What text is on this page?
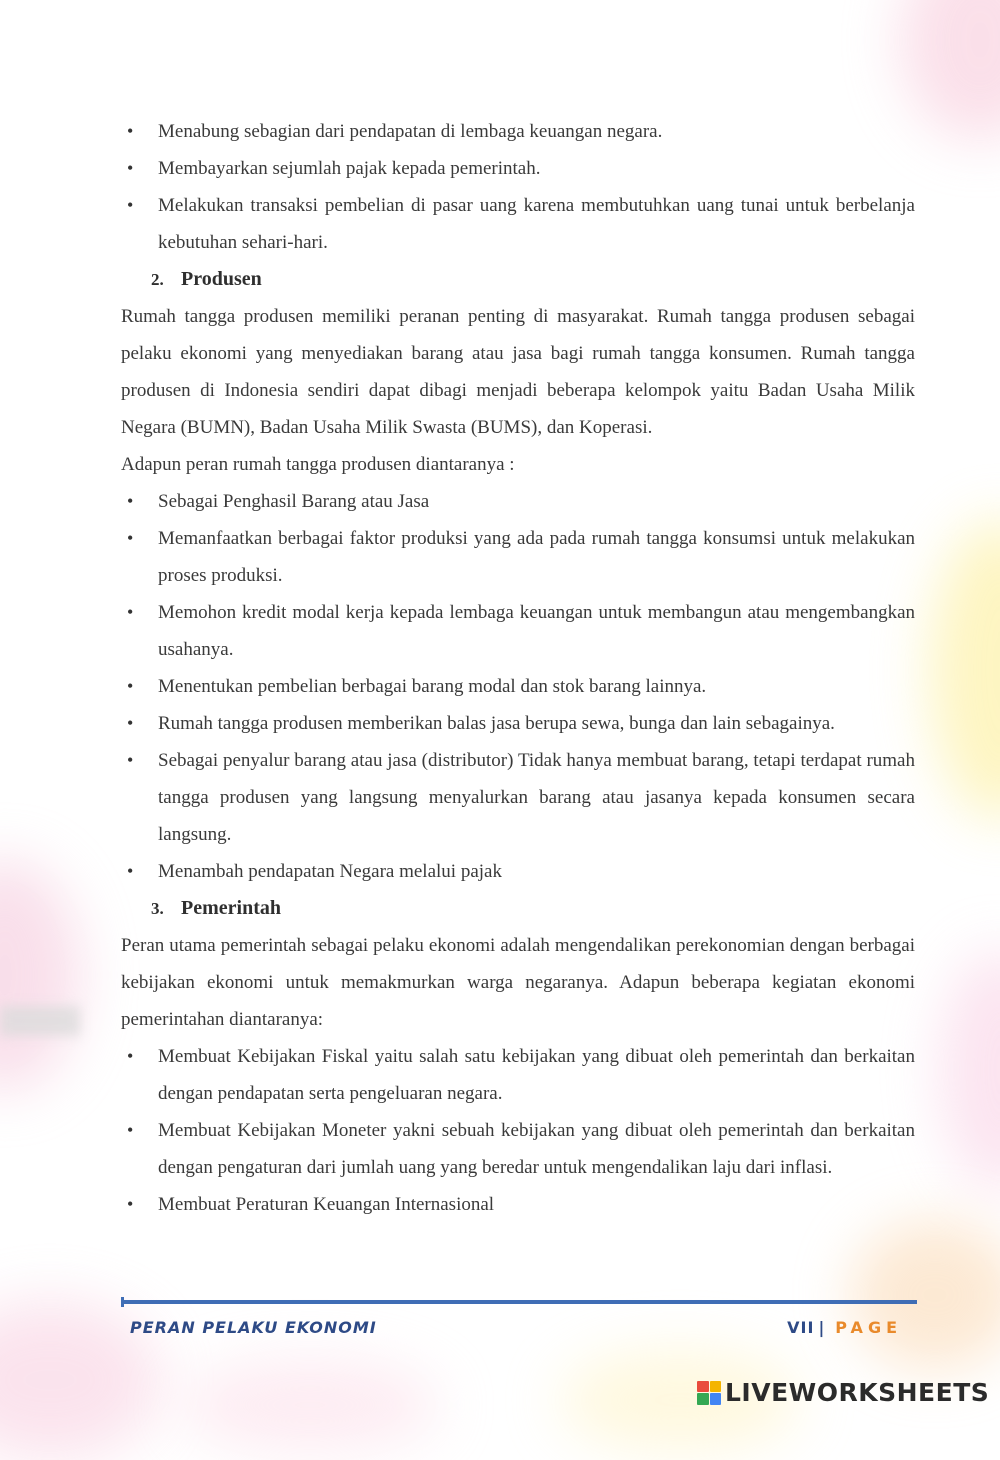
• Menabung sebagian dari pendapatan di lembaga keuangan negara.
• Membayarkan sejumlah pajak kepada pemerintah.
• Melakukan transaksi pembelian di pasar uang karena membutuhkan uang tunai untuk berbelanja kebutuhan sehari-hari.
2. Produsen

Rumah tangga produsen memiliki peranan penting di masyarakat. Rumah tangga produsen sebagai pelaku ekonomi yang menyediakan barang atau jasa bagi rumah tangga konsumen. Rumah tangga produsen di Indonesia sendiri dapat dibagi menjadi beberapa kelompok yaitu Badan Usaha Milik Negara (BUMN), Badan Usaha Milik Swasta (BUMS), dan Koperasi.

Adapun peran rumah tangga produsen diantaranya :

• Sebagai Penghasil Barang atau Jasa
• Memanfaatkan berbagai faktor produksi yang ada pada rumah tangga konsumsi untuk melakukan proses produksi.
• Memohon kredit modal kerja kepada lembaga keuangan untuk membangun atau mengembangkan usahanya.
• Menentukan pembelian berbagai barang modal dan stok barang lainnya.
• Rumah tangga produsen memberikan balas jasa berupa sewa, bunga dan lain sebagainya.
• Sebagai penyalur barang atau jasa (distributor) Tidak hanya membuat barang, tetapi terdapat rumah tangga produsen yang langsung menyalurkan barang atau jasanya kepada konsumen secara langsung.
• Menambah pendapatan Negara melalui pajak
3. Pemerintah

Peran utama pemerintah sebagai pelaku ekonomi adalah mengendalikan perekonomian dengan berbagai kebijakan ekonomi untuk memakmurkan warga negaranya. Adapun beberapa kegiatan ekonomi pemerintahan diantaranya:

• Membuat Kebijakan Fiskal yaitu salah satu kebijakan yang dibuat oleh pemerintah dan berkaitan dengan pendapatan serta pengeluaran negara.
• Membuat Kebijakan Moneter yakni sebuah kebijakan yang dibuat oleh pemerintah dan berkaitan dengan pengaturan dari jumlah uang yang beredar untuk mengendalikan laju dari inflasi.
• Membuat Peraturan Keuangan Internasional
PERAN PELAKU EKONOMI	VII | PAGE
LIVEWORKSHEETS
